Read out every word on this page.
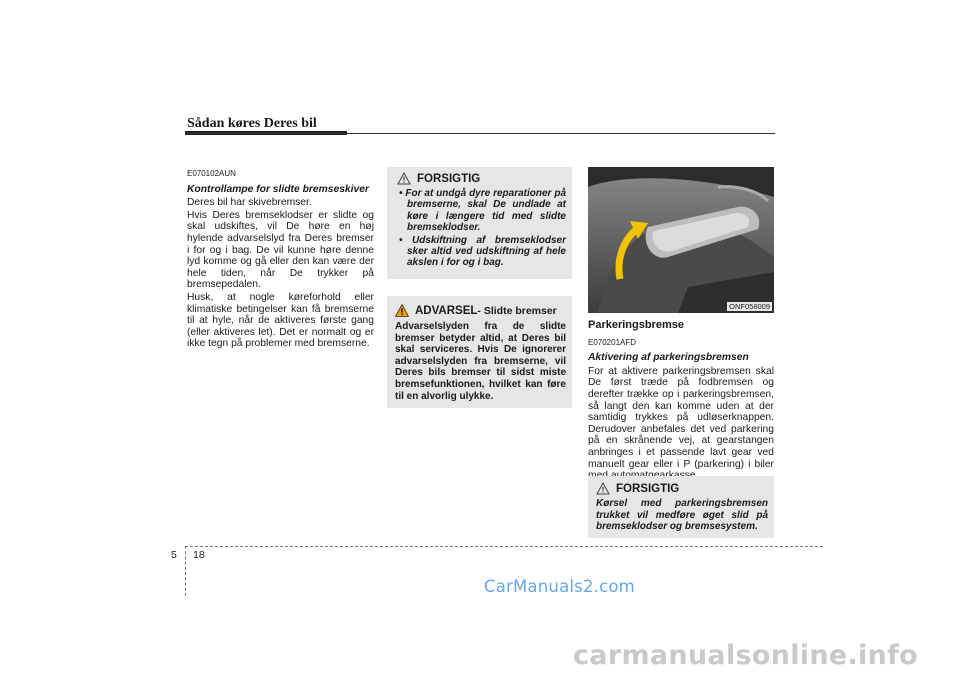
Sådan køres Deres bil
E070102AUN
Kontrollampe for slidte bremseskiver

Deres bil har skivebremser.

Hvis Deres bremseklodser er slidte og skal udskiftes, vil De høre en høj hylende advarselslyd fra Deres bremser i for og i bag. De vil kunne høre denne lyd komme og gå eller den kan være der hele tiden, når De trykker på bremsepedalen.

Husk, at nogle køreforhold eller klimatiske betingelser kan få bremserne til at hyle, når de aktiveres første gang (eller aktiveres let). Det er normalt og er ikke tegn på problemer med bremserne.

FORSIGTIG
• For at undgå dyre reparationer på bremserne, skal De undlade at køre i længere tid med slidte bremseklodser.
• Udskiftning af bremseklodser sker altid ved udskiftning af hele akslen i for og i bag.
ADVARSEL - Slidte bremser

Advarselslyden fra de slidte bremser betyder altid, at Deres bil skal serviceres. Hvis De ignorerer advarselslyden fra bremserne, vil Deres bils bremser til sidst miste bremsefunktionen, hvilket kan føre til en alvorlig ulykke.

ONF058009
Parkeringsbremse
E070201AFD
Aktivering af parkeringsbremsen

For at aktivere parkeringsbremsen skal De først træde på fodbremsen og derefter trække op i parkeringsbremsen, så langt den kan komme uden at der samtidig trykkes på udløserknappen. Derudover anbefales det ved parkering på en skrånende vej, at gearstangen anbringes i et passende lavt gear ved manuelt gear eller i P (parkering) i biler

FORSIGTIG

Kørsel med parkeringsbremsen trukket vil medføre øget slid på bremseklodser og bremsesystem.

5 18
CarManuals2.com
carmanualsonline.info
